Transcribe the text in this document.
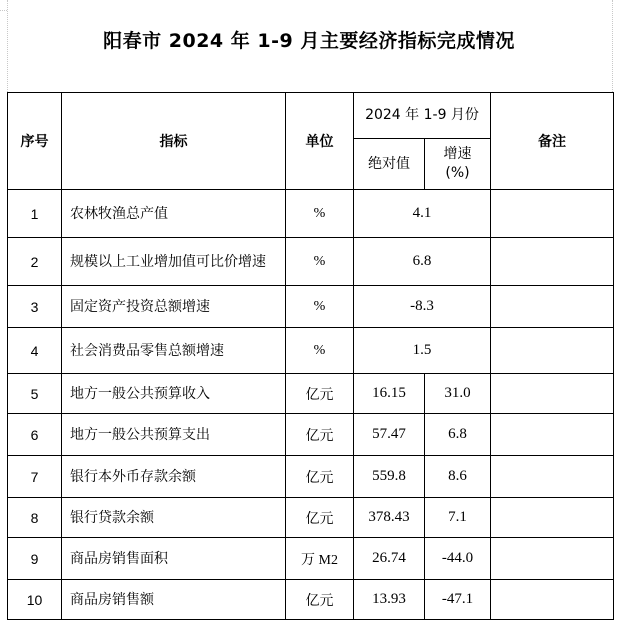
阳春市 2024 年 1-9 月主要经济指标完成情况
序号	指标	单位	2024 年 1-9 月份		备注
			绝对值	增速
(%)	

1	农林牧渔总产值	%	4.1		
2	规模以上工业增加值可比价增速	%	6.8		
3	固定资产投资总额增速	%	-8.3		
4	社会消费品零售总额增速	%	1.5		
5	地方一般公共预算收入	亿元	16.15	31.0	
6	地方一般公共预算支出	亿元	57.47	6.8	
7	银行本外币存款余额	亿元	559.8	8.6	
8	银行贷款余额	亿元	378.43	7.1	
9	商品房销售面积	万 M2	26.74	-44.0	
10	商品房销售额	亿元	13.93	-47.1	
